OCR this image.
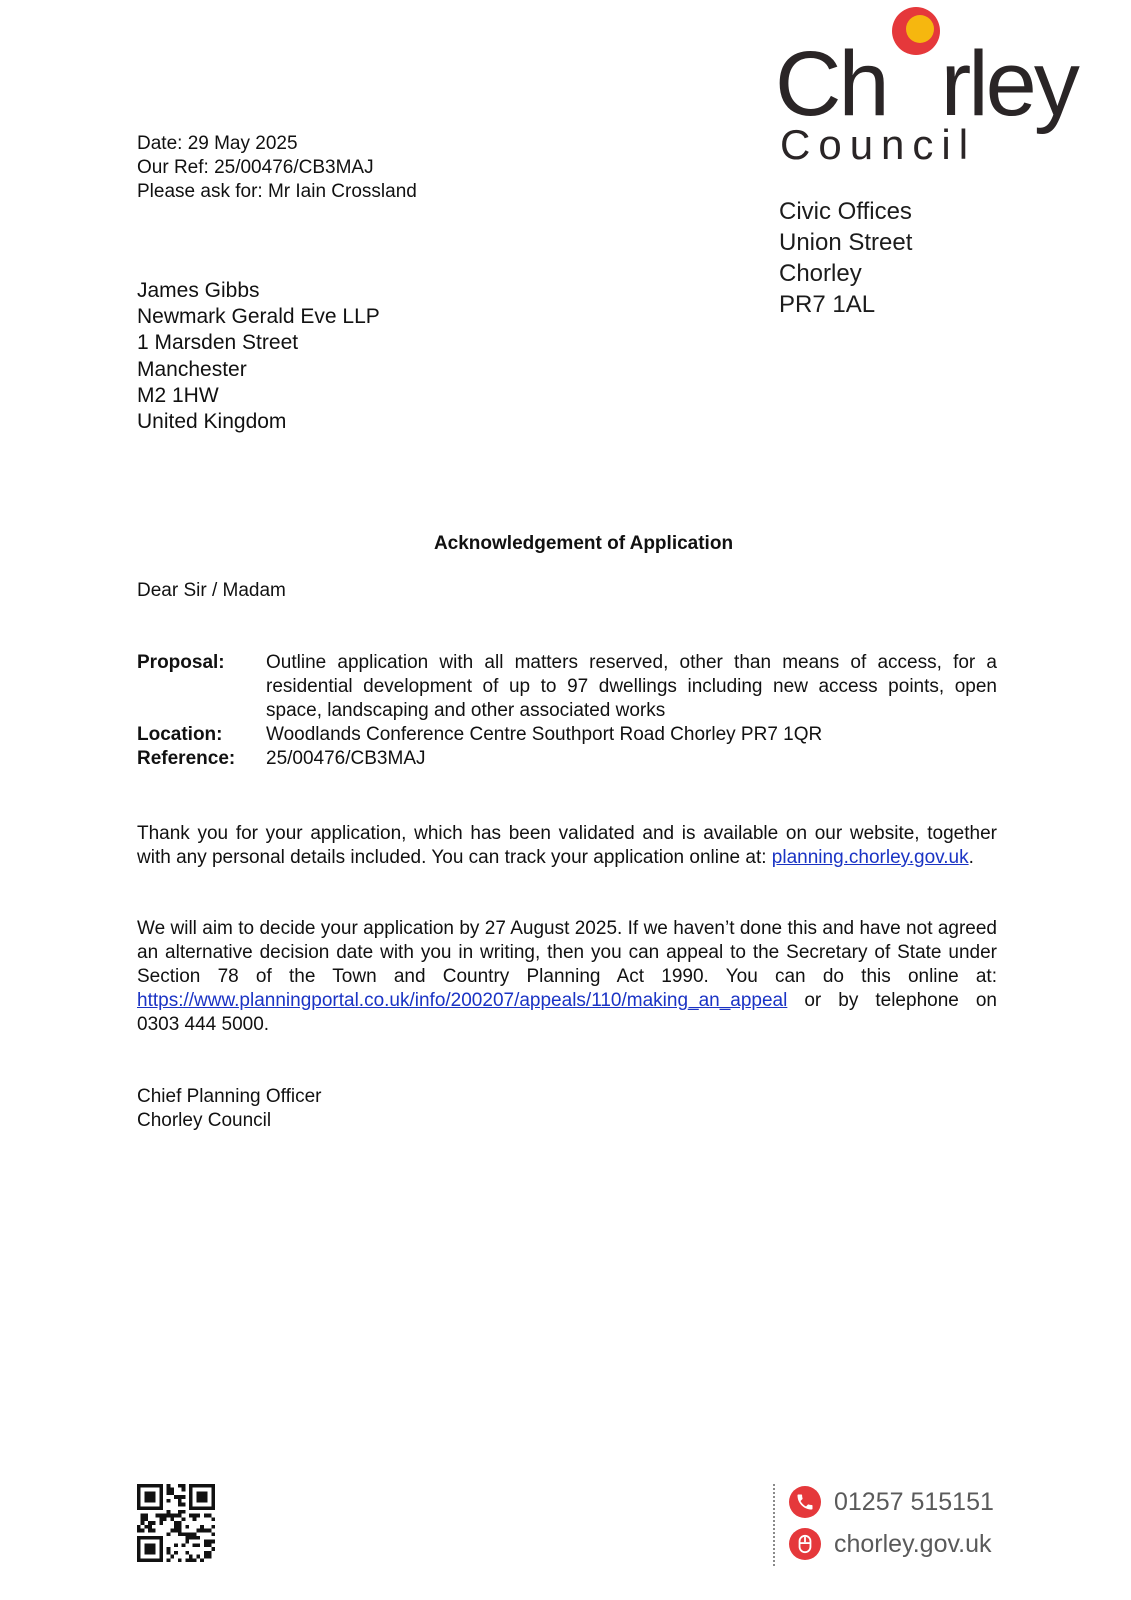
Ch rley
Council
Civic Offices
Union Street
Chorley
PR7 1AL
Date: 29 May 2025
Our Ref: 25/00476/CB3MAJ
Please ask for: Mr Iain Crossland
James Gibbs
Newmark Gerald Eve LLP
1 Marsden Street
Manchester
M2 1HW
United Kingdom
Acknowledgement of Application
Dear Sir / Madam
Proposal:	Outline application with all matters reserved, other than means of access, for a residential development of up to 97 dwellings including new access points, open space, landscaping and other associated works
Location:	Woodlands Conference Centre Southport Road Chorley PR7 1QR
Reference:	25/00476/CB3MAJ
Thank you for your application, which has been validated and is available on our website, together with any personal details included. You can track your application online at: planning.chorley.gov.uk.
We will aim to decide your application by 27 August 2025. If we haven’t done this and have not agreed an alternative decision date with you in writing, then you can appeal to the Secretary of State under Section 78 of the Town and Country Planning Act 1990. You can do this online at: https://www.planningportal.co.uk/info/200207/appeals/110/making_an_appeal or by telephone on 0303 444 5000.
Chief Planning Officer
Chorley Council
01257 515151
chorley.gov.uk
